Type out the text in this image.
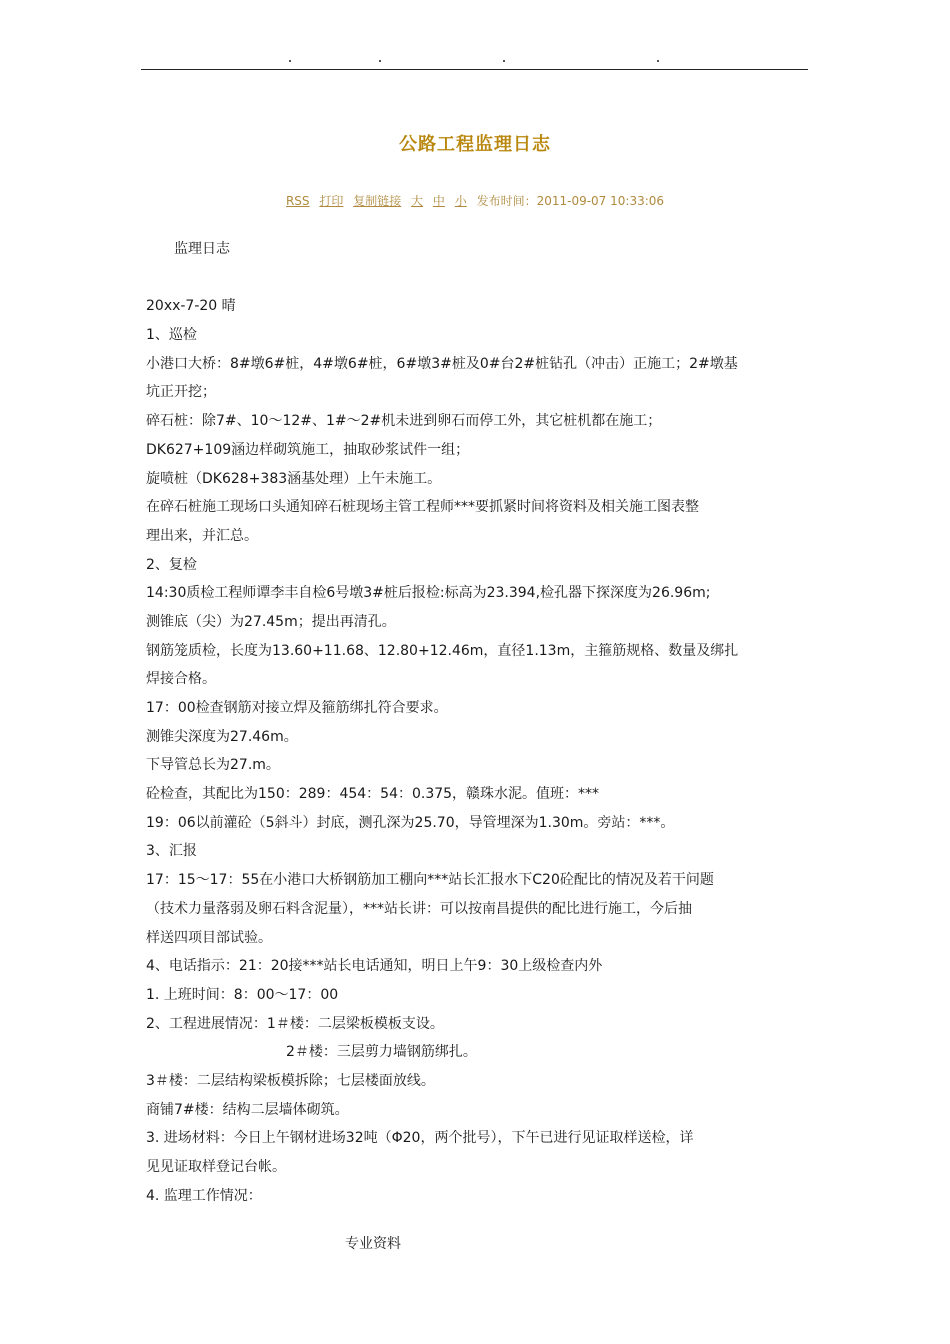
公路工程监理日志
RSS 打印 复制链接 大 中 小 发布时间：2011-09-07 10:33:06
监理日志
20xx-7-20 晴
1、巡检
小港口大桥：8#墩6#桩，4#墩6#桩，6#墩3#桩及0#台2#桩钻孔（冲击）正施工；2#墩基
坑正开挖；
碎石桩：除7#、10～12#、1#～2#机未进到卵石而停工外，其它桩机都在施工；
DK627+109涵边样砌筑施工，抽取砂浆试件一组；
旋喷桩（DK628+383涵基处理）上午未施工。
在碎石桩施工现场口头通知碎石桩现场主管工程师***要抓紧时间将资料及相关施工图表整
理出来，并汇总。
2、复检
14:30质检工程师谭李丰自检6号墩3#桩后报检:标高为23.394,检孔器下探深度为26.96m;
测锥底（尖）为27.45m；提出再清孔。
钢筋笼质检，长度为13.60+11.68、12.80+12.46m，直径1.13m，主箍筋规格、数量及绑扎
焊接合格。
17：00检查钢筋对接立焊及箍筋绑扎符合要求。
测锥尖深度为27.46m。
下导管总长为27.m。
砼检查，其配比为150：289：454：54：0.375，赣珠水泥。值班：***
19：06以前灌砼（5斜斗）封底，测孔深为25.70，导管埋深为1.30m。旁站：***。
3、汇报
17：15～17：55在小港口大桥钢筋加工棚向***站长汇报水下C20砼配比的情况及若干问题
（技术力量落弱及卵石料含泥量），***站长讲：可以按南昌提供的配比进行施工，今后抽
样送四项目部试验。
4、电话指示：21：20接***站长电话通知，明日上午9：30上级检查内外
1. 上班时间：8：00～17：00
2、工程进展情况：1＃楼：二层梁板模板支设。
2＃楼：三层剪力墙钢筋绑扎。
3＃楼：二层结构梁板模拆除；七层楼面放线。
商铺7#楼：结构二层墙体砌筑。
3. 进场材料：今日上午钢材进场32吨（Φ20，两个批号），下午已进行见证取样送检，详
见见证取样登记台帐。
4. 监理工作情况：
专业资料
